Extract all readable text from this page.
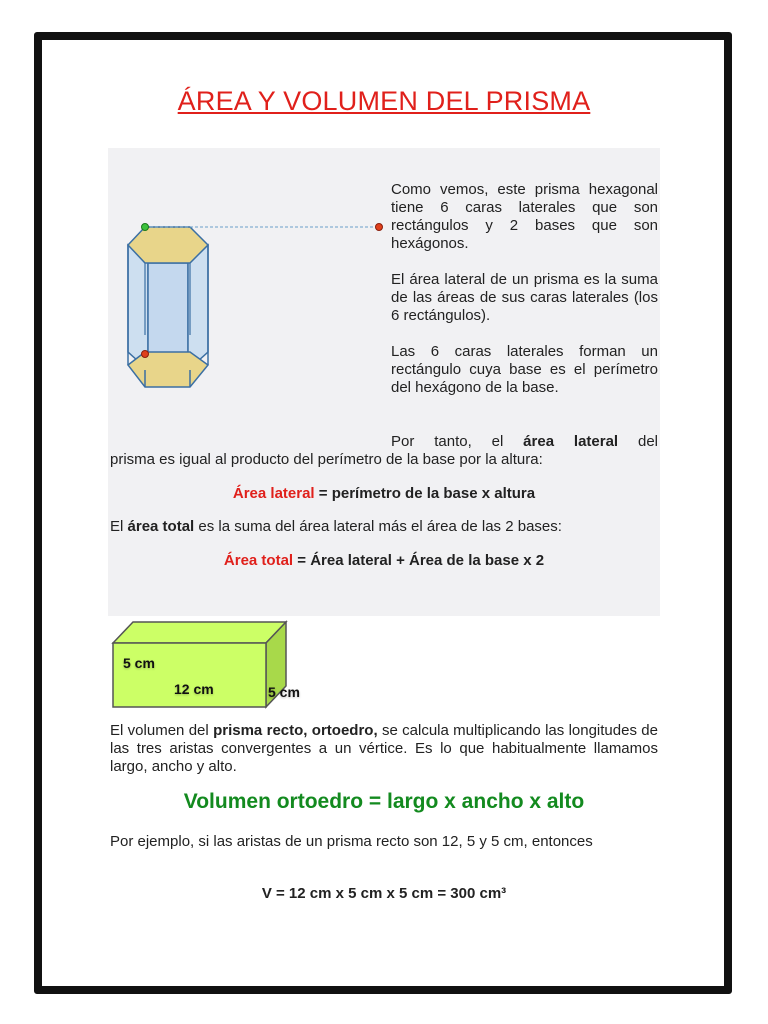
ÁREA Y VOLUMEN DEL PRISMA

Como vemos, este prisma hexagonal tiene 6 caras laterales que son rectángulos y 2 bases que son hexágonos.

El área lateral de un prisma es la suma de las áreas de sus caras laterales (los 6 rectángulos).

Las 6 caras laterales forman un rectángulo cuya base es el perímetro del hexágono de la base.

Por tanto, el área lateral del

prisma es igual al producto del perímetro de la base por la altura:

Área lateral = perímetro de la base x altura

El área total es la suma del área lateral más el área de las 2 bases:

Área total = Área lateral + Área de la base x 2
5 cm
12 cm	5 cm

El volumen del prisma recto, ortoedro, se calcula multiplicando las longitudes de las tres aristas convergentes a un vértice. Es lo que habitualmente llamamos largo, ancho y alto.

Volumen ortoedro = largo x ancho x alto

Por ejemplo, si las aristas de un prisma recto son 12, 5 y 5 cm, entonces

V = 12 cm x 5 cm x 5 cm = 300 cm³
